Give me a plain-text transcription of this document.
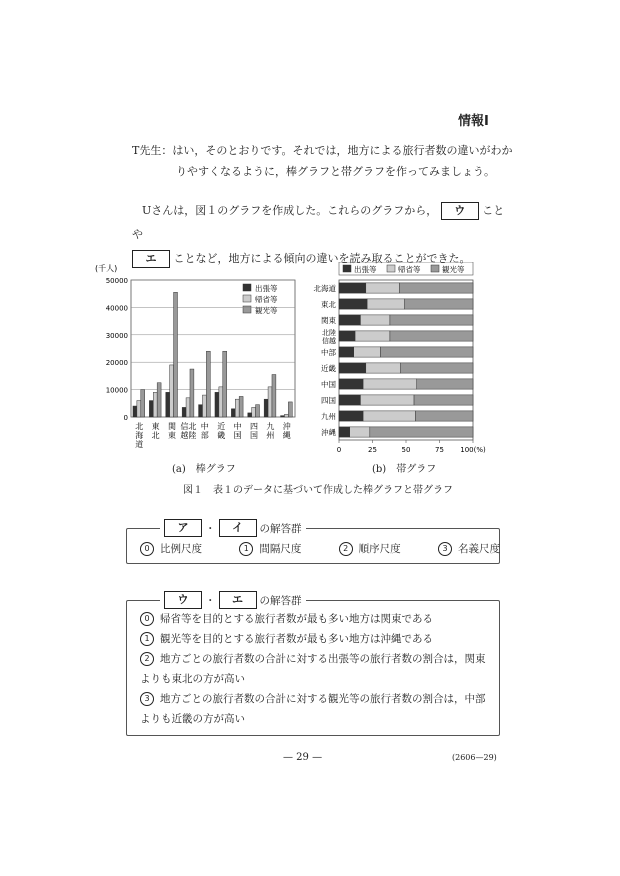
情報Ⅰ
T先生：はい，そのとおりです。それでは，地方による旅行者数の違いがわか
りやすくなるように，棒グラフと帯グラフを作ってみましょう。
Uさんは，図１のグラフを作成した。これらのグラフから， ウ ことや
エ ことなど，地方による傾向の違いを読み取ることができた。
(千人)
出張等
帰省等
観光等
0
10000
20000
30000
40000
50000
北
海
道
東
北
関
東
北
陸
信
越
中
部
近
畿
中
国
四
国
九
州
沖
縄
(a)　棒グラフ
出張等	帰省等	観光等
0	25	50	75 100(%)
北海道
東北
関東
北陸
信越
中部
近畿
中国
四国
九州
沖縄
(b)　帯グラフ
図１　表１のデータに基づいて作成した棒グラフと帯グラフ
ア	・	イ	の解答群
0 比例尺度	1 間隔尺度	2 順序尺度	3 名義尺度
ウ	・	エ	の解答群
0 帰省等を目的とする旅行者数が最も多い地方は関東である
1 観光等を目的とする旅行者数が最も多い地方は沖縄である
2 地方ごとの旅行者数の合計に対する出張等の旅行者数の割合は，関東
よりも東北の方が高い
3 地方ごとの旅行者数の合計に対する観光等の旅行者数の割合は，中部
よりも近畿の方が高い
— 29 —	(2606—29)
